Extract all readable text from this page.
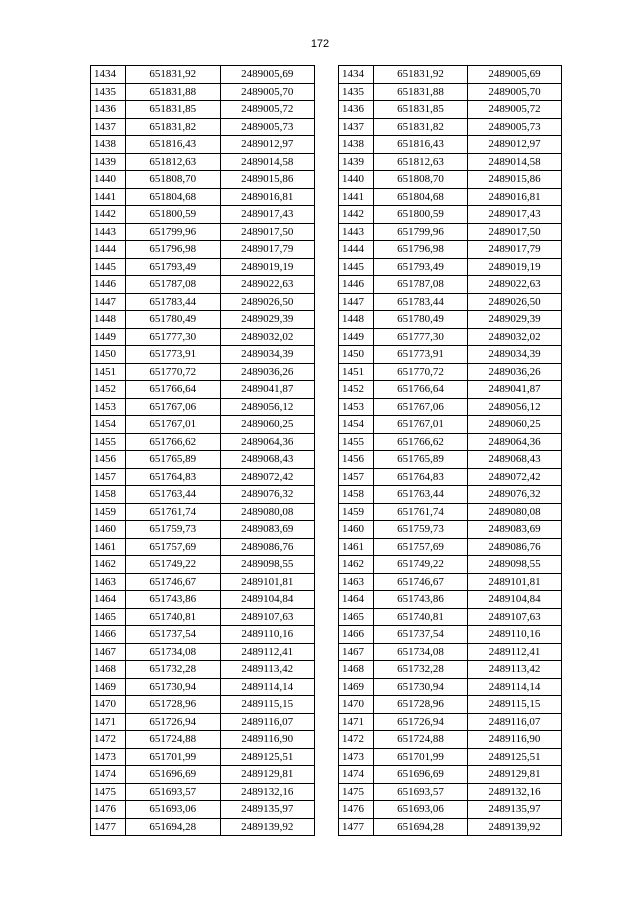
172
1434	651831,92	2489005,69
1435	651831,88	2489005,70
1436	651831,85	2489005,72
1437	651831,82	2489005,73
1438	651816,43	2489012,97
1439	651812,63	2489014,58
1440	651808,70	2489015,86
1441	651804,68	2489016,81
1442	651800,59	2489017,43
1443	651799,96	2489017,50
1444	651796,98	2489017,79
1445	651793,49	2489019,19
1446	651787,08	2489022,63
1447	651783,44	2489026,50
1448	651780,49	2489029,39
1449	651777,30	2489032,02
1450	651773,91	2489034,39
1451	651770,72	2489036,26
1452	651766,64	2489041,87
1453	651767,06	2489056,12
1454	651767,01	2489060,25
1455	651766,62	2489064,36
1456	651765,89	2489068,43
1457	651764,83	2489072,42
1458	651763,44	2489076,32
1459	651761,74	2489080,08
1460	651759,73	2489083,69
1461	651757,69	2489086,76
1462	651749,22	2489098,55
1463	651746,67	2489101,81
1464	651743,86	2489104,84
1465	651740,81	2489107,63
1466	651737,54	2489110,16
1467	651734,08	2489112,41
1468	651732,28	2489113,42
1469	651730,94	2489114,14
1470	651728,96	2489115,15
1471	651726,94	2489116,07
1472	651724,88	2489116,90
1473	651701,99	2489125,51
1474	651696,69	2489129,81
1475	651693,57	2489132,16
1476	651693,06	2489135,97
1477	651694,28	2489139,92
1434	651831,92	2489005,69
1435	651831,88	2489005,70
1436	651831,85	2489005,72
1437	651831,82	2489005,73
1438	651816,43	2489012,97
1439	651812,63	2489014,58
1440	651808,70	2489015,86
1441	651804,68	2489016,81
1442	651800,59	2489017,43
1443	651799,96	2489017,50
1444	651796,98	2489017,79
1445	651793,49	2489019,19
1446	651787,08	2489022,63
1447	651783,44	2489026,50
1448	651780,49	2489029,39
1449	651777,30	2489032,02
1450	651773,91	2489034,39
1451	651770,72	2489036,26
1452	651766,64	2489041,87
1453	651767,06	2489056,12
1454	651767,01	2489060,25
1455	651766,62	2489064,36
1456	651765,89	2489068,43
1457	651764,83	2489072,42
1458	651763,44	2489076,32
1459	651761,74	2489080,08
1460	651759,73	2489083,69
1461	651757,69	2489086,76
1462	651749,22	2489098,55
1463	651746,67	2489101,81
1464	651743,86	2489104,84
1465	651740,81	2489107,63
1466	651737,54	2489110,16
1467	651734,08	2489112,41
1468	651732,28	2489113,42
1469	651730,94	2489114,14
1470	651728,96	2489115,15
1471	651726,94	2489116,07
1472	651724,88	2489116,90
1473	651701,99	2489125,51
1474	651696,69	2489129,81
1475	651693,57	2489132,16
1476	651693,06	2489135,97
1477	651694,28	2489139,92
